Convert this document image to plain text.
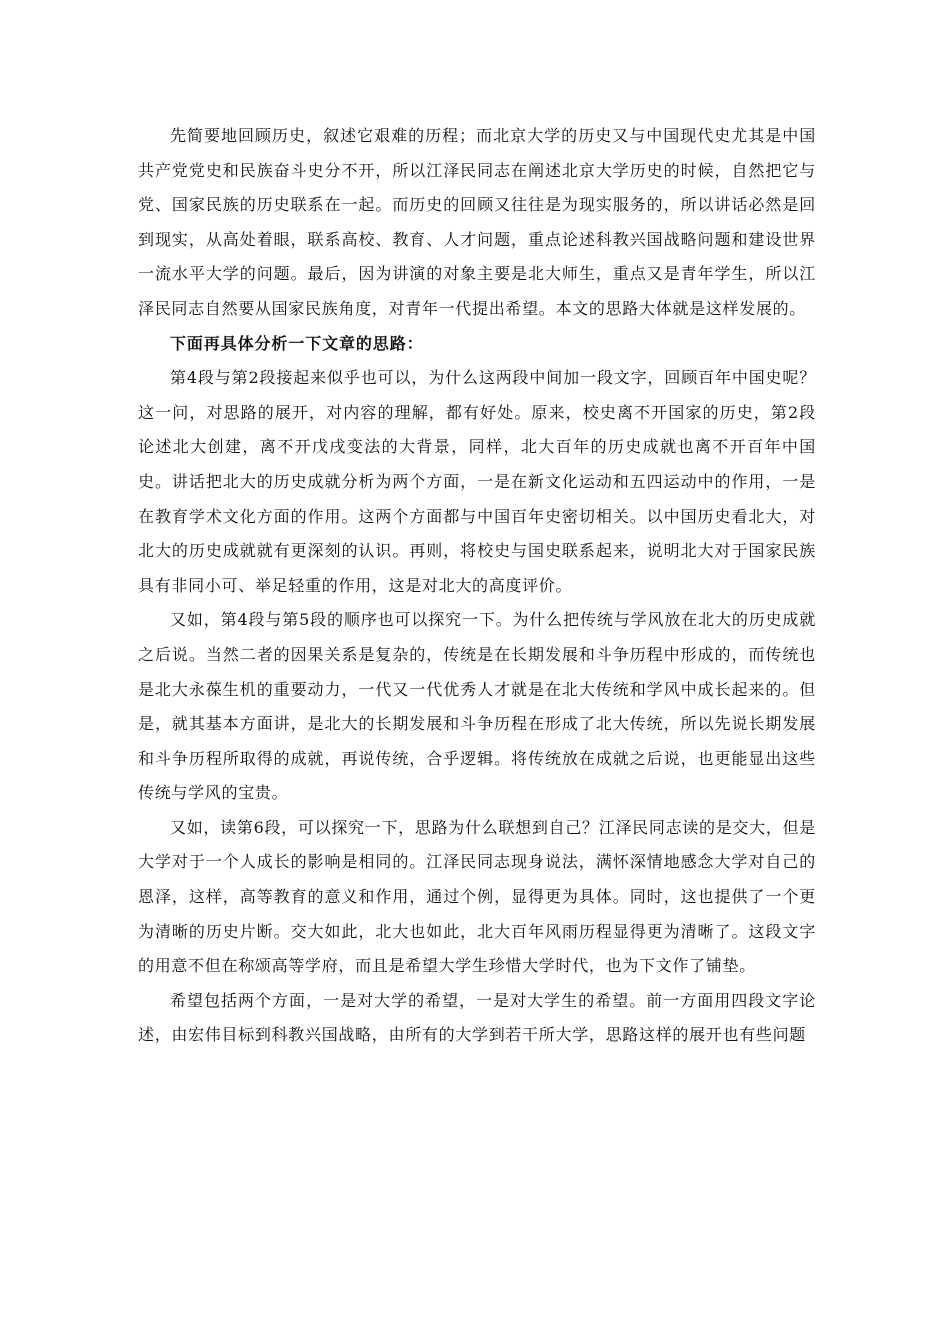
先简要地回顾历史，叙述它艰难的历程；而北京大学的历史又与中国现代史尤其是中国共产党党史和民族奋斗史分不开，所以江泽民同志在阐述北京大学历史的时候，自然把它与党、国家民族的历史联系在一起。而历史的回顾又往往是为现实服务的，所以讲话必然是回到现实，从高处着眼，联系高校、教育、人才问题，重点论述科教兴国战略问题和建设世界一流水平大学的问题。最后，因为讲演的对象主要是北大师生，重点又是青年学生，所以江泽民同志自然要从国家民族角度，对青年一代提出希望。本文的思路大体就是这样发展的。

下面再具体分析一下文章的思路：

第4段与第2段接起来似乎也可以，为什么这两段中间加一段文字，回顾百年中国史呢？这一问，对思路的展开，对内容的理解，都有好处。原来，校史离不开国家的历史，第2段论述北大创建，离不开戊戌变法的大背景，同样，北大百年的历史成就也离不开百年中国史。讲话把北大的历史成就分析为两个方面，一是在新文化运动和五四运动中的作用，一是在教育学术文化方面的作用。这两个方面都与中国百年史密切相关。以中国历史看北大，对北大的历史成就就有更深刻的认识。再则，将校史与国史联系起来，说明北大对于国家民族具有非同小可、举足轻重的作用，这是对北大的高度评价。

又如，第4段与第5段的顺序也可以探究一下。为什么把传统与学风放在北大的历史成就之后说。当然二者的因果关系是复杂的，传统是在长期发展和斗争历程中形成的，而传统也是北大永葆生机的重要动力，一代又一代优秀人才就是在北大传统和学风中成长起来的。但是，就其基本方面讲，是北大的长期发展和斗争历程在形成了北大传统，所以先说长期发展和斗争历程所取得的成就，再说传统，合乎逻辑。将传统放在成就之后说，也更能显出这些传统与学风的宝贵。

又如，读第6段，可以探究一下，思路为什么联想到自己？江泽民同志读的是交大，但是大学对于一个人成长的影响是相同的。江泽民同志现身说法，满怀深情地感念大学对自己的恩泽，这样，高等教育的意义和作用，通过个例，显得更为具体。同时，这也提供了一个更为清晰的历史片断。交大如此，北大也如此，北大百年风雨历程显得更为清晰了。这段文字的用意不但在称颂高等学府，而且是希望大学生珍惜大学时代，也为下文作了铺垫。

希望包括两个方面，一是对大学的希望，一是对大学生的希望。前一方面用四段文字论述，由宏伟目标到科教兴国战略，由所有的大学到若干所大学，思路这样的展开也有些问题
